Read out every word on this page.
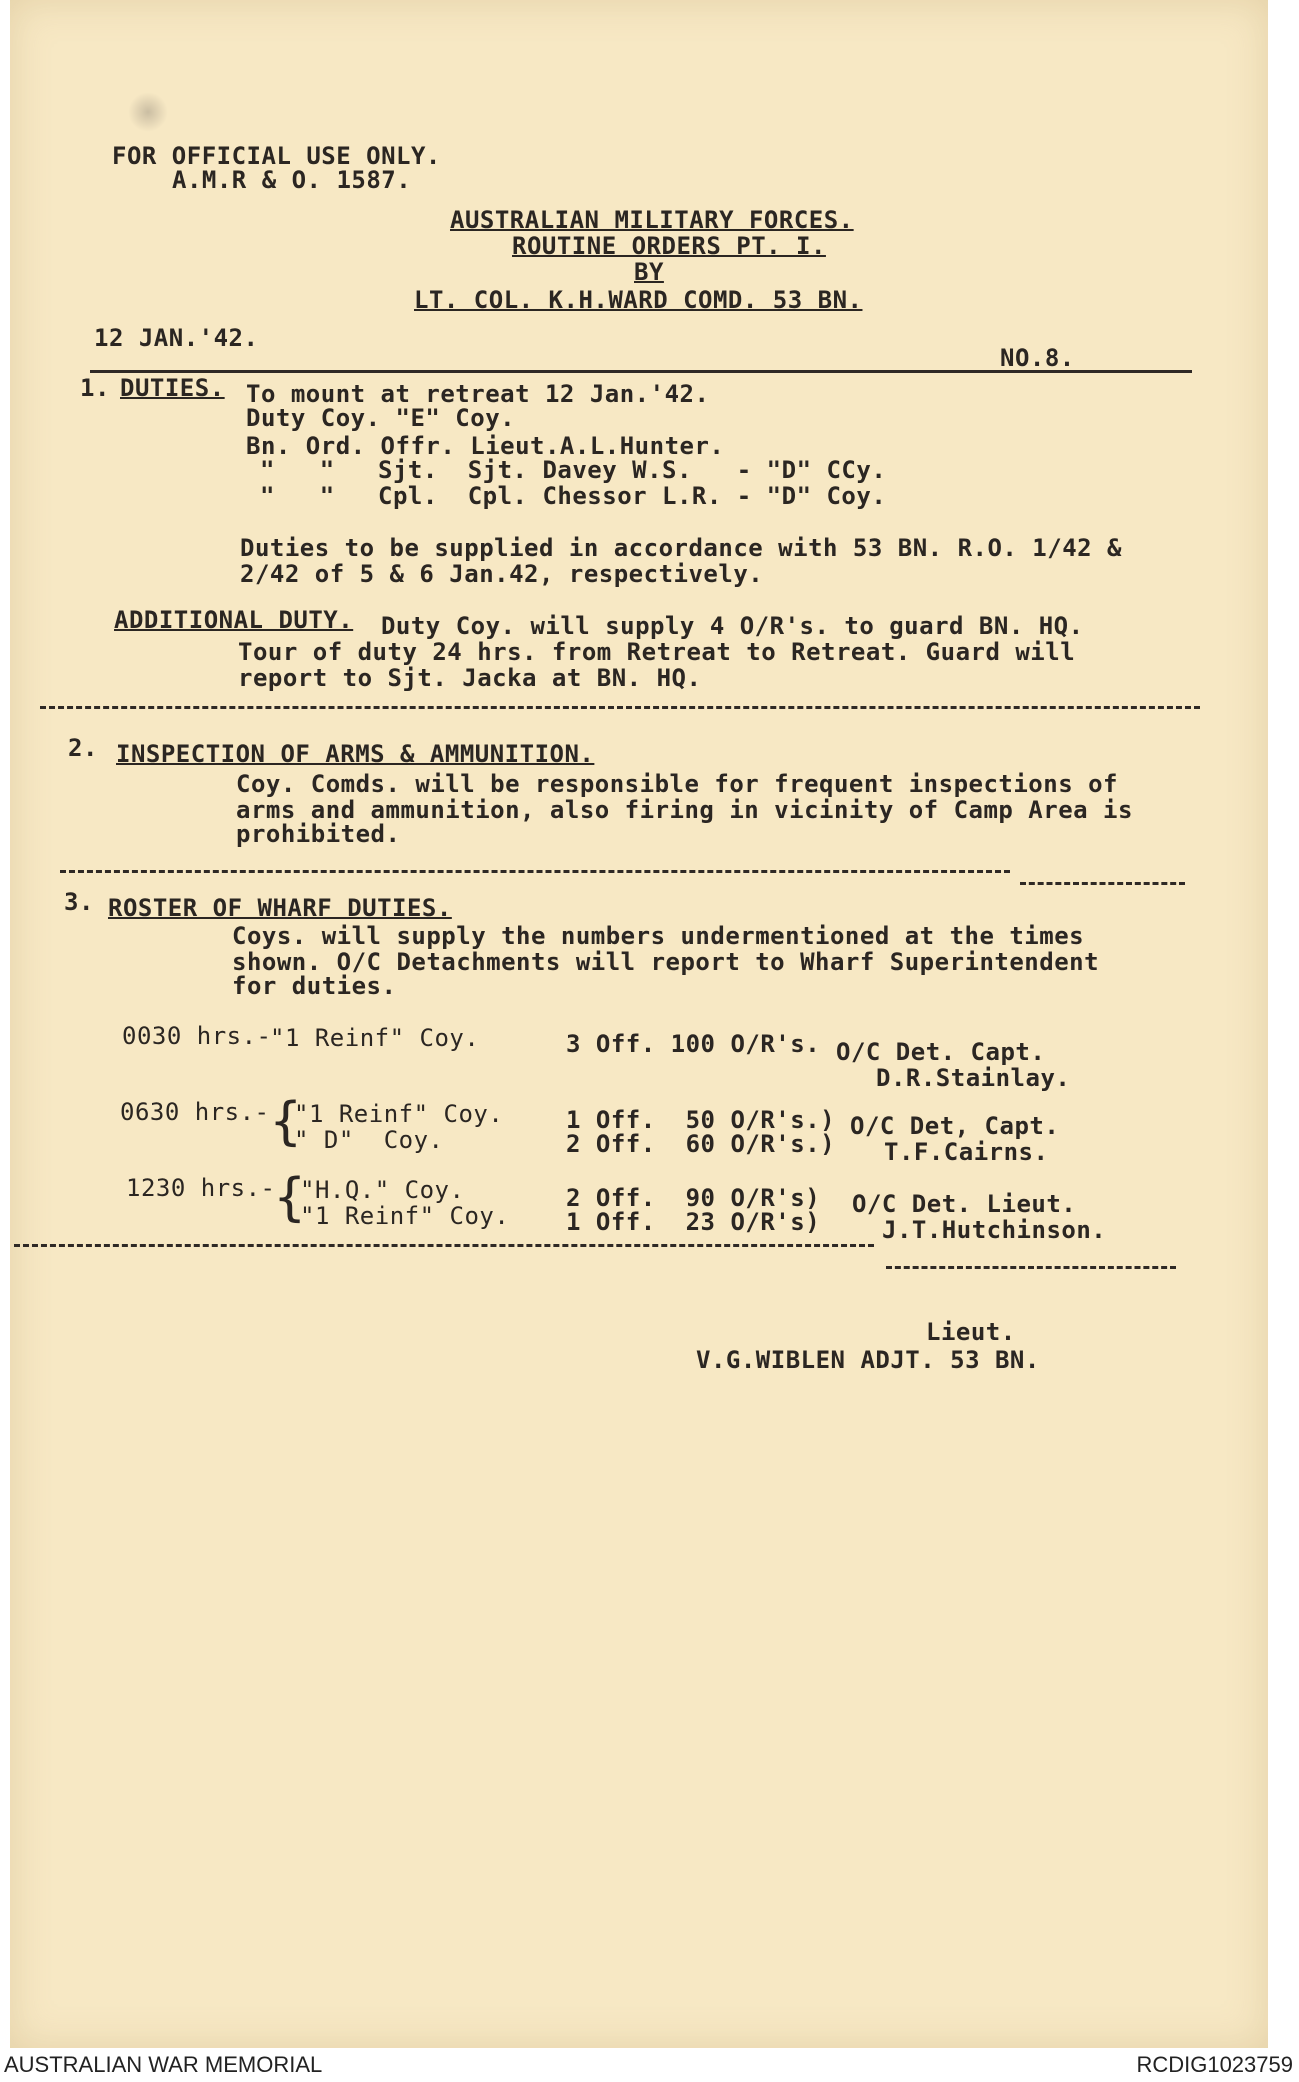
FOR OFFICIAL USE ONLY.
A.M.R & O. 1587.
AUSTRALIAN MILITARY FORCES.
ROUTINE ORDERS PT. I.
BY
LT. COL. K.H.WARD COMD. 53 BN.
12 JAN.'42.
NO.8.
1. DUTIES. To mount at retreat 12 Jan.'42.
Duty Coy. "E" Coy.
Bn. Ord. Offr. Lieut.A.L.Hunter.
"   " Sjt.  Sjt. Davey W.S.   - "D" CCy.
"   " Cpl.  Cpl. Chessor L.R. - "D" Coy.
Duties to be supplied in accordance with 53 BN. R.O. 1/42 &
2/42 of 5 & 6 Jan.42, respectively.
ADDITIONAL DUTY. Duty Coy. will supply 4 O/R's. to guard BN. HQ.
Tour of duty 24 hrs. from Retreat to Retreat. Guard will
report to Sjt. Jacka at BN. HQ.
2. INSPECTION OF ARMS & AMMUNITION.
Coy. Comds. will be responsible for frequent inspections of
arms and ammunition, also firing in vicinity of Camp Area is
prohibited.
3. ROSTER OF WHARF DUTIES.
Coys. will supply the numbers undermentioned at the times
shown. O/C Detachments will report to Wharf Superintendent
for duties.
0030 hrs.-
"1 Reinf" Coy.	3 Off. 100 O/R's. O/C Det. Capt.
D.R.Stainlay.
0630 hrs.- {
"1 Reinf" Coy.
" D"  Coy.
1 Off.  50 O/R's.)
2 Off.  60 O/R's.)
O/C Det, Capt.
T.F.Cairns.
1230 hrs.-
{
"H.Q." Coy.
"1 Reinf" Coy.
2 Off.  90 O/R's)
1 Off.  23 O/R's)
O/C Det. Lieut.
J.T.Hutchinson.
Lieut.
V.G.WIBLEN ADJT. 53 BN.
AUSTRALIAN WAR MEMORIAL	RCDIG1023759
